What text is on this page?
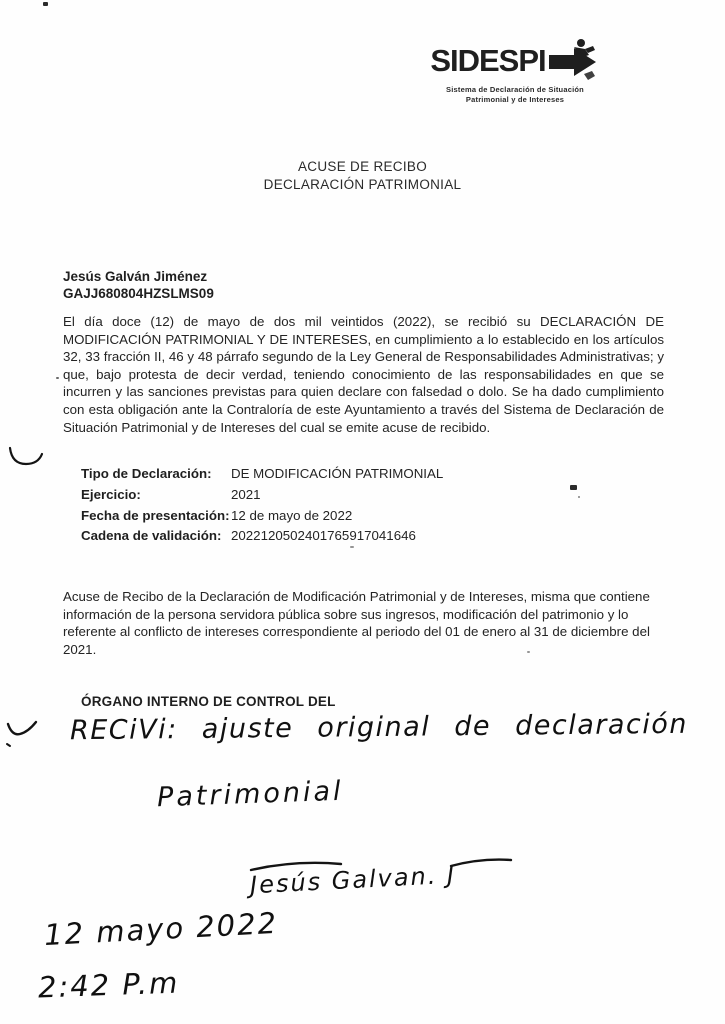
SIDESPI
Sistema de Declaración de Situación
Patrimonial y de Intereses
ACUSE DE RECIBO
DECLARACIÓN PATRIMONIAL
Jesús Galván Jiménez
GAJJ680804HZSLMS09
El día doce (12) de mayo de dos mil veintidos (2022), se recibió su DECLARACIÓN DE MODIFICACIÓN PATRIMONIAL Y DE INTERESES, en cumplimiento a lo establecido en los artículos 32, 33 fracción II, 46 y 48 párrafo segundo de la Ley General de Responsabilidades Administrativas; y que, bajo protesta de decir verdad, teniendo conocimiento de las responsabilidades en que se incurren y las sanciones previstas para quien declare con falsedad o dolo. Se ha dado cumplimiento con esta obligación ante la Contraloría de este Ayuntamiento a través del Sistema de Declaración de Situación Patrimonial y de Intereses del cual se emite acuse de recibido.
Tipo de Declaración:	DE MODIFICACIÓN PATRIMONIAL
Ejercicio:	2021
Fecha de presentación: 12 de mayo de 2022
Cadena de validación: 2022120502401765917041646
Acuse de Recibo de la Declaración de Modificación Patrimonial y de Intereses, misma que contiene información de la persona servidora pública sobre sus ingresos, modificación del patrimonio y lo referente al conflicto de intereses correspondiente al periodo del 01 de enero al 31 de diciembre del 2021.
ÓRGANO INTERNO DE CONTROL DEL
RECiVi: ajuste original de declaración
Patrimonial
Jesús Galvan. J
12 mayo 2022
2:42 P.m
